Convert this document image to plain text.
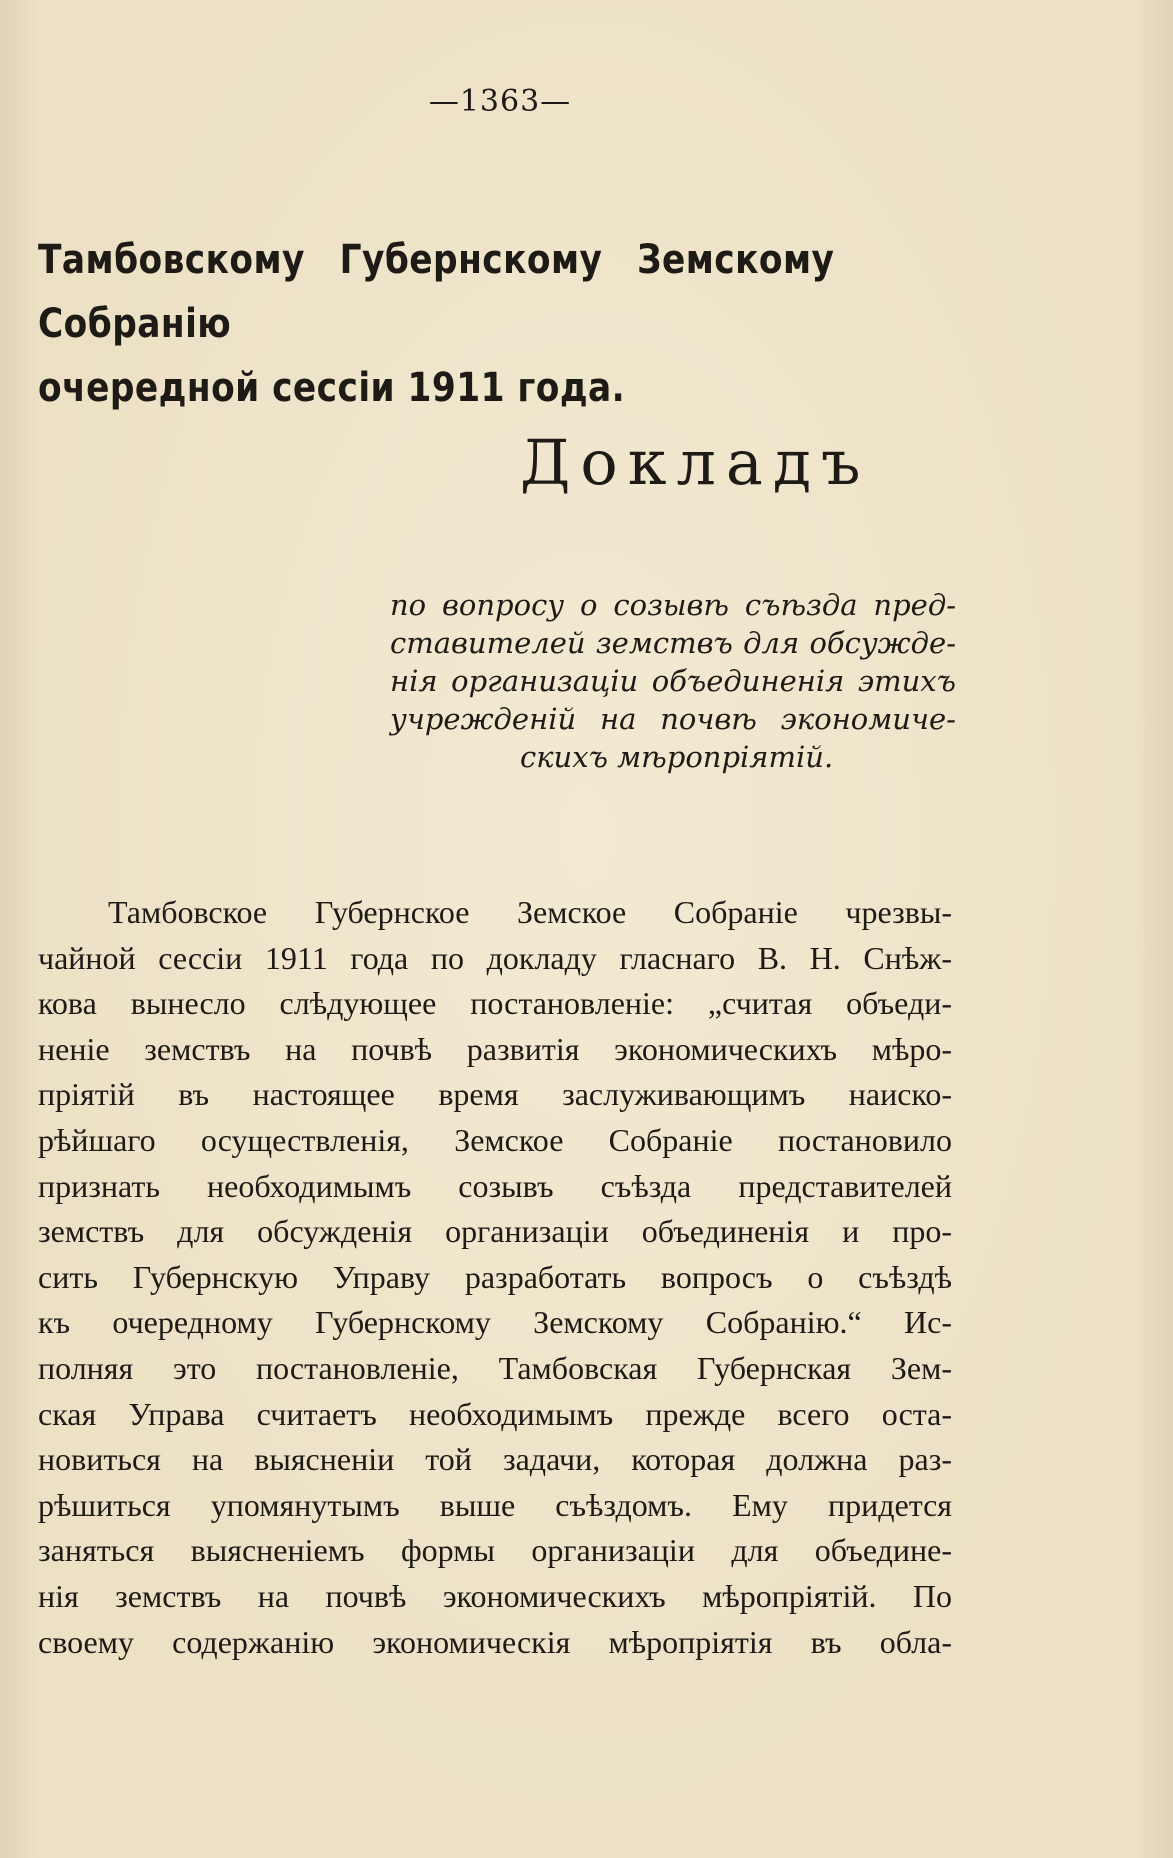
—1363—
Тамбовскому Губернскому Земскому Собранію
очередной сессіи 1911 года.
Докладъ
по вопросу о созывѣ съѣзда пред-
ставителей земствъ для обсужде-
нія организаціи объединенія этихъ
учрежденій на почвѣ экономиче-
скихъ мѣропріятій.
Тамбовское Губернское Земское Собраніе чрезвы-
чайной сессіи 1911 года по докладу гласнаго В. Н. Снѣж-
кова вынесло слѣдующее постановленіе: „считая объеди-
неніе земствъ на почвѣ развитія экономическихъ мѣро-
пріятій въ настоящее время заслуживающимъ наиско-
рѣйшаго осуществленія, Земское Собраніе постановило
признать необходимымъ созывъ съѣзда представителей
земствъ для обсужденія организаціи объединенія и про-
сить Губернскую Управу разработать вопросъ о съѣздѣ
къ очередному Губернскому Земскому Собранію.“ Ис-
полняя это постановленіе, Тамбовская Губернская Зем-
ская Управа считаетъ необходимымъ прежде всего оста-
новиться на выясненіи той задачи, которая должна раз-
рѣшиться упомянутымъ выше съѣздомъ. Ему придется
заняться выясненіемъ формы организаціи для объедине-
нія земствъ на почвѣ экономическихъ мѣропріятій. По
своему содержанію экономическія мѣропріятія въ обла-
